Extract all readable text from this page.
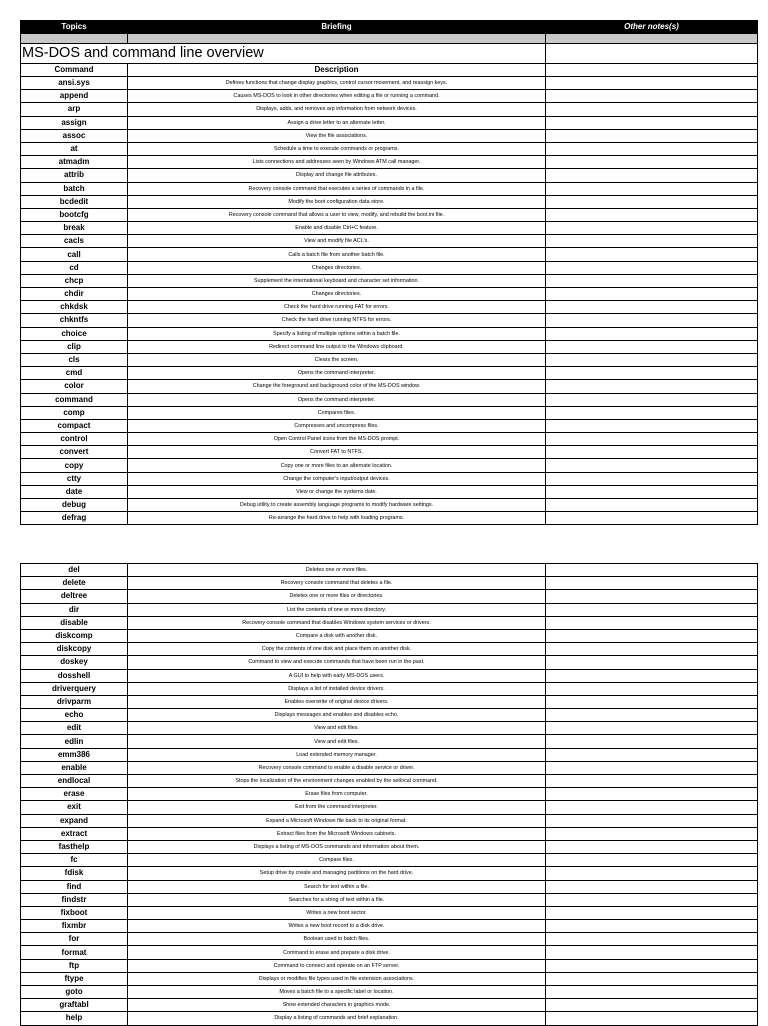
Topics	Briefing	Other notes(s)

MS-DOS and command line overview		
Command	Description	
ansi.sys	Defines functions that change display graphics, control cursor movement, and reassign keys.	
append	Causes MS-DOS to look in other directories when editing a file or running a command.	
arp	Displays, adds, and removes arp information from network devices.	
assign	Assign a drive letter to an alternate letter.	
assoc	View the file associations.	
at	Schedule a time to execute commands or programs.	
atmadm	Lists connections and addresses seen by Windows ATM call manager.	
attrib	Display and change file attributes.	
batch	Recovery console command that executes a series of commands in a file.	
bcdedit	Modify the boot configuration data store.	
bootcfg	Recovery console command that allows a user to view, modify, and rebuild the boot.ini file.	
break	Enable and disable Ctrl+C feature.	
cacls	View and modify file ACL's.	
call	Calls a batch file from another batch file.	
cd	Changes directories.	
chcp	Supplement the international keyboard and character set information.	
chdir	Changes directories.	
chkdsk	Check the hard drive running FAT for errors.	
chkntfs	Check the hard drive running NTFS for errors.	
choice	Specify a listing of multiple options within a batch file.	
clip	Redirect command line output to the Windows clipboard.	
cls	Clears the screen.	
cmd	Opens the command interpreter.	
color	Change the foreground and background color of the MS-DOS window.	
command	Opens the command interpreter.	
comp	Compares files.	
compact	Compresses and uncompress files.	
control	Open Control Panel icons from the MS-DOS prompt.	
convert	Convert FAT to NTFS.	
copy	Copy one or more files to an alternate location.	
ctty	Change the computer's input/output devices.	
date	View or change the systems date.	
debug	Debug utility to create assembly language programs to modify hardware settings.	
defrag	Re-arrange the hard drive to help with loading programs.	
del	Deletes one or more files.	
delete	Recovery console command that deletes a file.	
deltree	Deletes one or more files or directories.	
dir	List the contents of one or more directory.	
disable	Recovery console command that disables Windows system services or drivers.	
diskcomp	Compare a disk with another disk.	
diskcopy	Copy the contents of one disk and place them on another disk.	
doskey	Command to view and execute commands that have been run in the past.	
dosshell	A GUI to help with early MS-DOS users.	
driverquery	Displays a list of installed device drivers.	
drivparm	Enables overwrite of original device drivers.	
echo	Displays messages and enables and disables echo.	
edit	View and edit files.	
edlin	View and edit files.	
emm386	Load extended memory manager.	
enable	Recovery console command to enable a disable service or driver.	
endlocal	Stops the localization of the environment changes enabled by the setlocal command.	
erase	Erase files from computer.	
exit	Exit from the command interpreter.	
expand	Expand a Microsoft Windows file back to its original format.	
extract	Extract files from the Microsoft Windows cabinets.	
fasthelp	Displays a listing of MS-DOS commands and information about them.	
fc	Compare files.	
fdisk	Setup drive by create and managing partitions on the hard drive.	
find	Search for text within a file.	
findstr	Searches for a string of text within a file.	
fixboot	Writes a new boot sector.	
fixmbr	Writes a new boot record to a disk drive.	
for	Boolean used in batch files.	
format	Command to erase and prepare a disk drive.	
ftp	Command to connect and operate on an FTP server.	
ftype	Displays or modifies file types used in file extension associations.	
goto	Moves a batch file to a specific label or location.	
graftabl	Show extended characters in graphics mode.	
help	Display a listing of commands and brief explanation.	
